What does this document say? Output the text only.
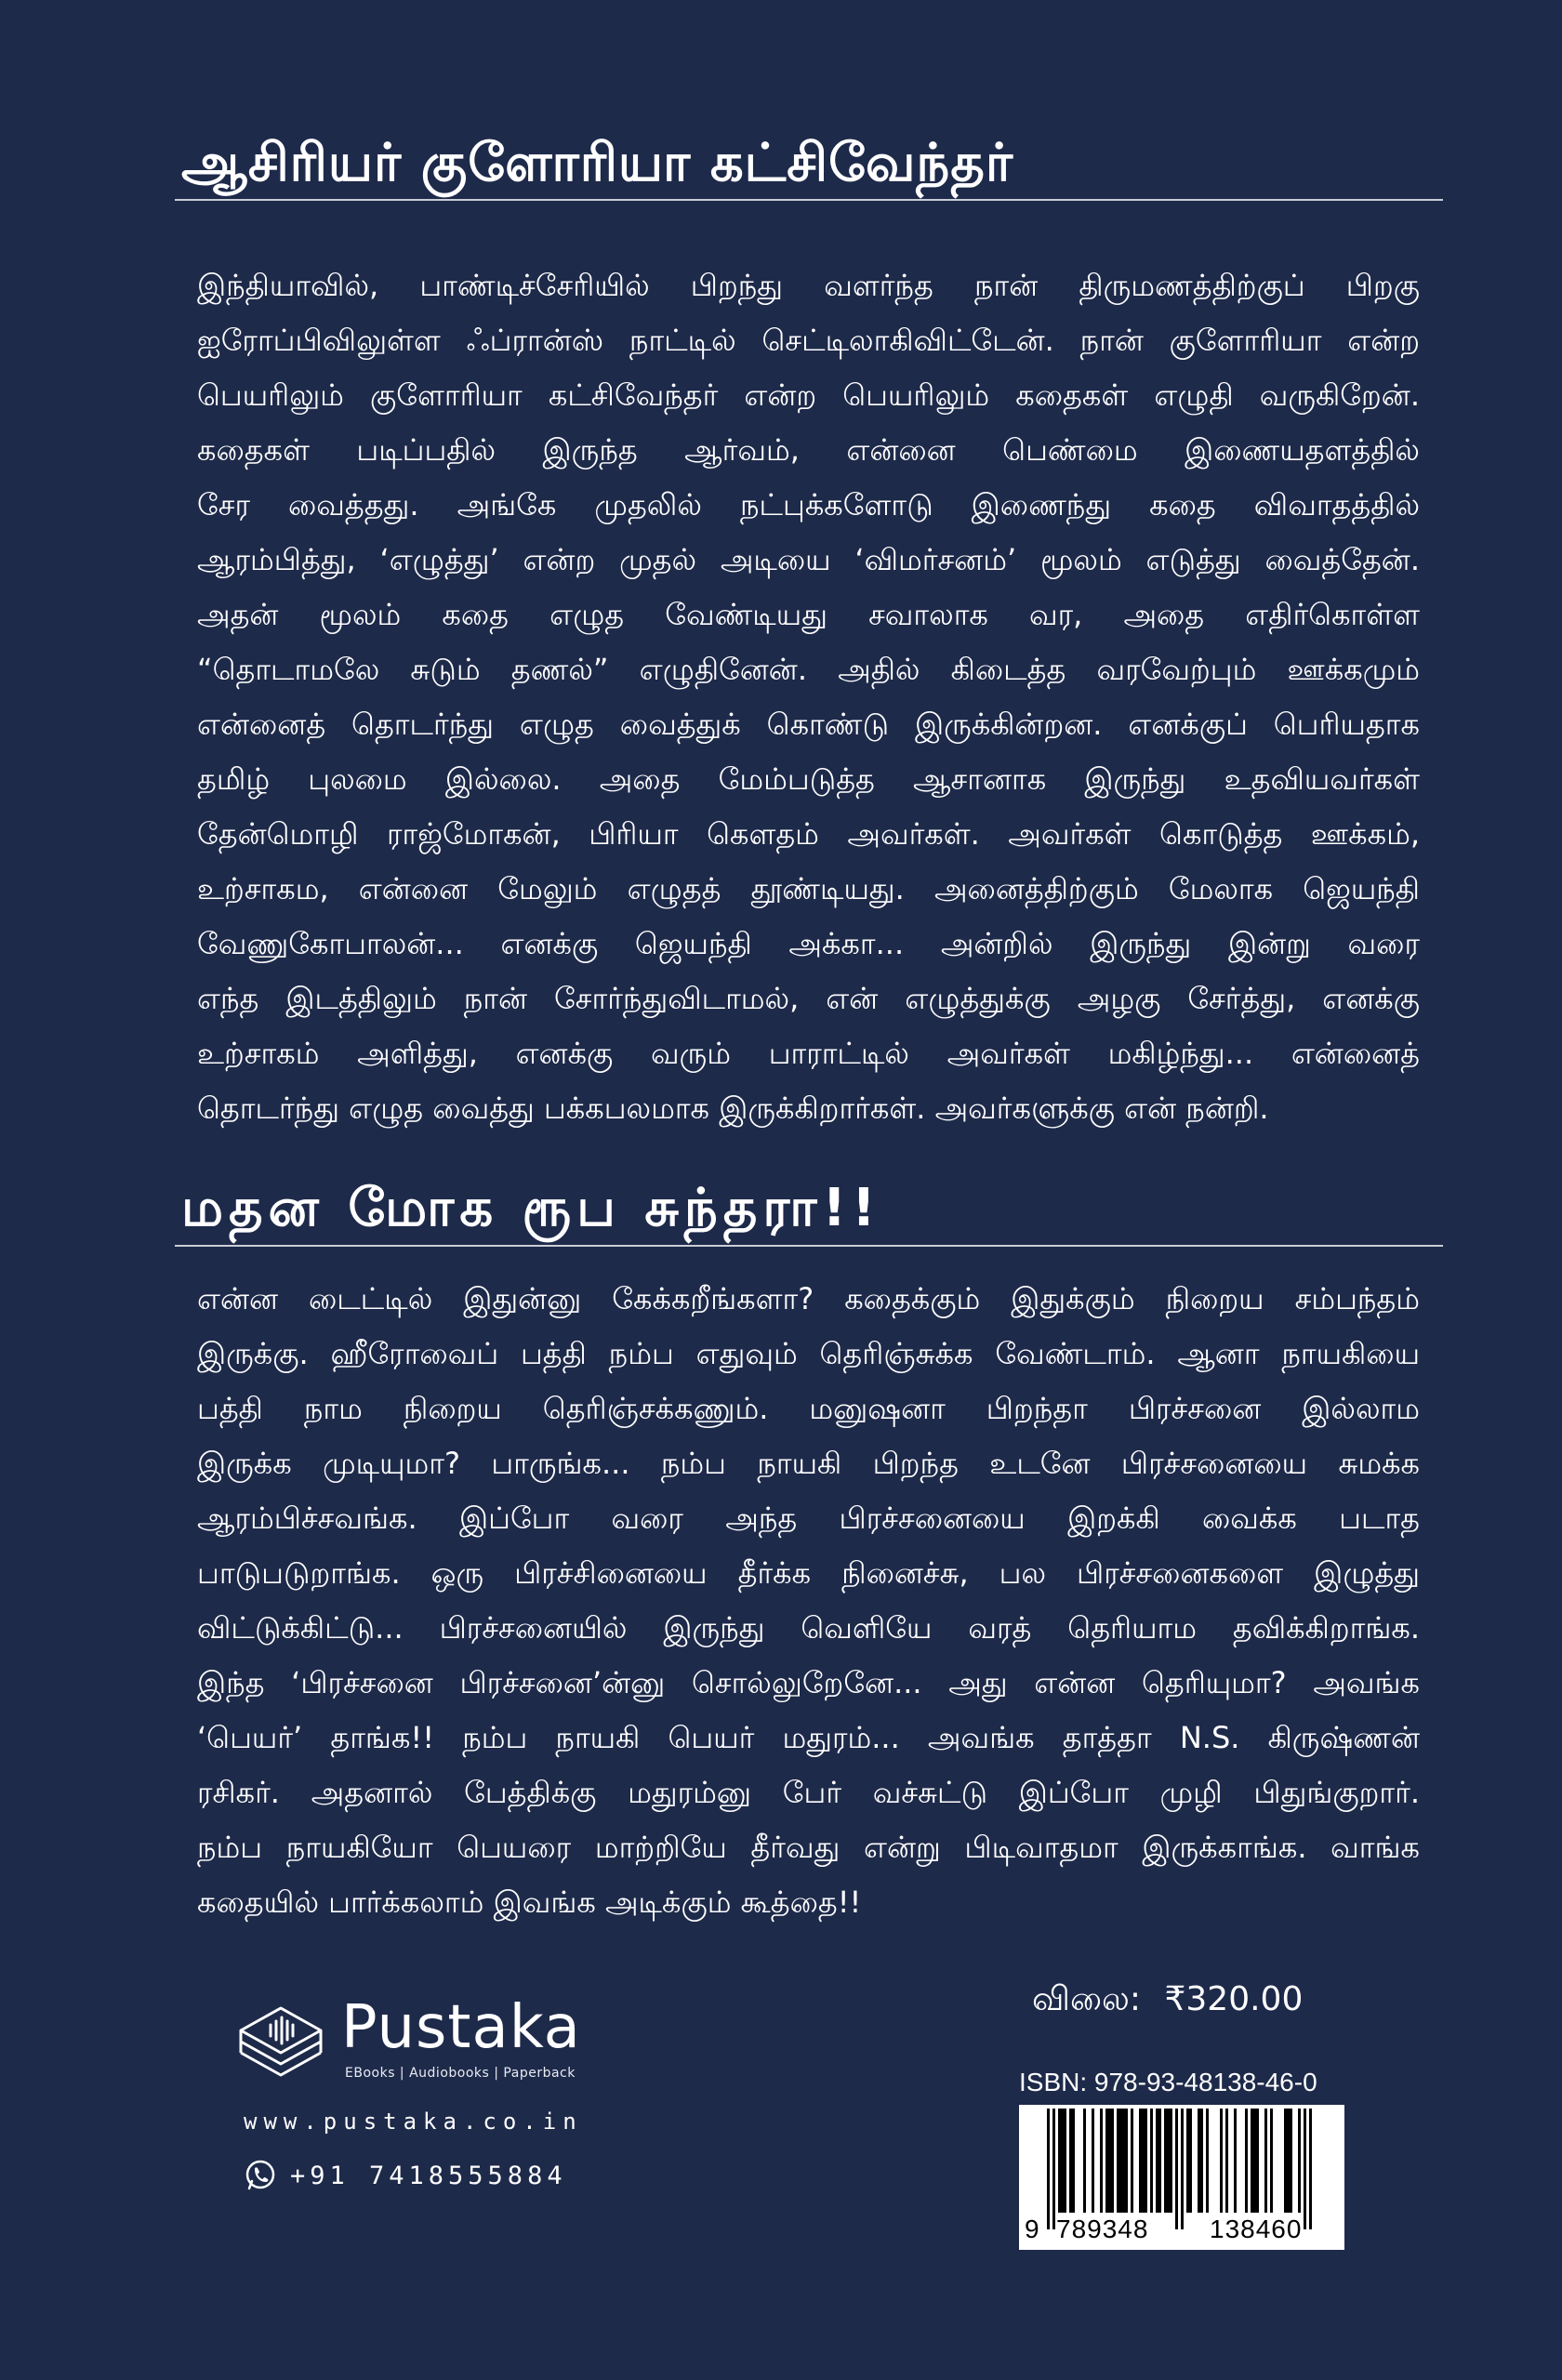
ஆசிரியர் குளோரியா கட்சிவேந்தர்
இந்தியாவில், பாண்டிச்சேரியில் பிறந்து வளர்ந்த நான் திருமணத்திற்குப் பிறகு
ஐரோப்பிவிலுள்ள ஃப்ரான்ஸ் நாட்டில் செட்டிலாகிவிட்டேன். நான் குளோரியா என்ற
பெயரிலும் குளோரியா கட்சிவேந்தர் என்ற பெயரிலும் கதைகள் எழுதி வருகிறேன்.
கதைகள் படிப்பதில் இருந்த ஆர்வம், என்னை பெண்மை இணையதளத்தில்
சேர வைத்தது. அங்கே முதலில் நட்புக்களோடு இணைந்து கதை விவாதத்தில்
ஆரம்பித்து, ‘எழுத்து’ என்ற முதல் அடியை ‘விமர்சனம்’ மூலம் எடுத்து வைத்தேன்.
அதன் மூலம் கதை எழுத வேண்டியது சவாலாக வர, அதை எதிர்கொள்ள
“தொடாமலே சுடும் தணல்” எழுதினேன். அதில் கிடைத்த வரவேற்பும் ஊக்கமும்
என்னைத் தொடர்ந்து எழுத வைத்துக் கொண்டு இருக்கின்றன. எனக்குப் பெரியதாக
தமிழ் புலமை இல்லை. அதை மேம்படுத்த ஆசானாக இருந்து உதவியவர்கள்
தேன்மொழி ராஜ்மோகன், பிரியா கௌதம் அவர்கள். அவர்கள் கொடுத்த ஊக்கம்,
உற்சாகம, என்னை மேலும் எழுதத் தூண்டியது. அனைத்திற்கும் மேலாக ஜெயந்தி
வேணுகோபாலன்... எனக்கு ஜெயந்தி அக்கா... அன்றில் இருந்து இன்று வரை
எந்த இடத்திலும் நான் சோர்ந்துவிடாமல், என் எழுத்துக்கு அழகு சேர்த்து, எனக்கு
உற்சாகம் அளித்து, எனக்கு வரும் பாராட்டில் அவர்கள் மகிழ்ந்து... என்னைத்
தொடர்ந்து எழுத வைத்து பக்கபலமாக இருக்கிறார்கள். அவர்களுக்கு என் நன்றி.
மதன மோக ரூப சுந்தரா!!
என்ன டைட்டில் இதுன்னு கேக்கறீங்களா? கதைக்கும் இதுக்கும் நிறைய சம்பந்தம்
இருக்கு. ஹீரோவைப் பத்தி நம்ப எதுவும் தெரிஞ்சுக்க வேண்டாம். ஆனா நாயகியை
பத்தி நாம நிறைய தெரிஞ்சக்கணும். மனுஷனா பிறந்தா பிரச்சனை இல்லாம
இருக்க முடியுமா? பாருங்க... நம்ப நாயகி பிறந்த உடனே பிரச்சனையை சுமக்க
ஆரம்பிச்சவங்க. இப்போ வரை அந்த பிரச்சனையை இறக்கி வைக்க படாத
பாடுபடுறாங்க. ஒரு பிரச்சினையை தீர்க்க நினைச்சு, பல பிரச்சனைகளை இழுத்து
விட்டுக்கிட்டு... பிரச்சனையில் இருந்து வெளியே வரத் தெரியாம தவிக்கிறாங்க.
இந்த ‘பிரச்சனை பிரச்சனை’ன்னு சொல்லுறேனே... அது என்ன தெரியுமா? அவங்க
‘பெயர்’ தாங்க!! நம்ப நாயகி பெயர் மதுரம்... அவங்க தாத்தா N.S. கிருஷ்ணன்
ரசிகர். அதனால் பேத்திக்கு மதுரம்னு பேர் வச்சுட்டு இப்போ முழி பிதுங்குறார்.
நம்ப நாயகியோ பெயரை மாற்றியே தீர்வது என்று பிடிவாதமா இருக்காங்க. வாங்க
கதையில் பார்க்கலாம் இவங்க அடிக்கும் கூத்தை!!
Pustaka
EBooks | Audiobooks | Paperback
www.pustaka.co.in
+91 7418555884
விலை: ₹320.00
ISBN: 978-93-48138-46-0
9 789348 138460
